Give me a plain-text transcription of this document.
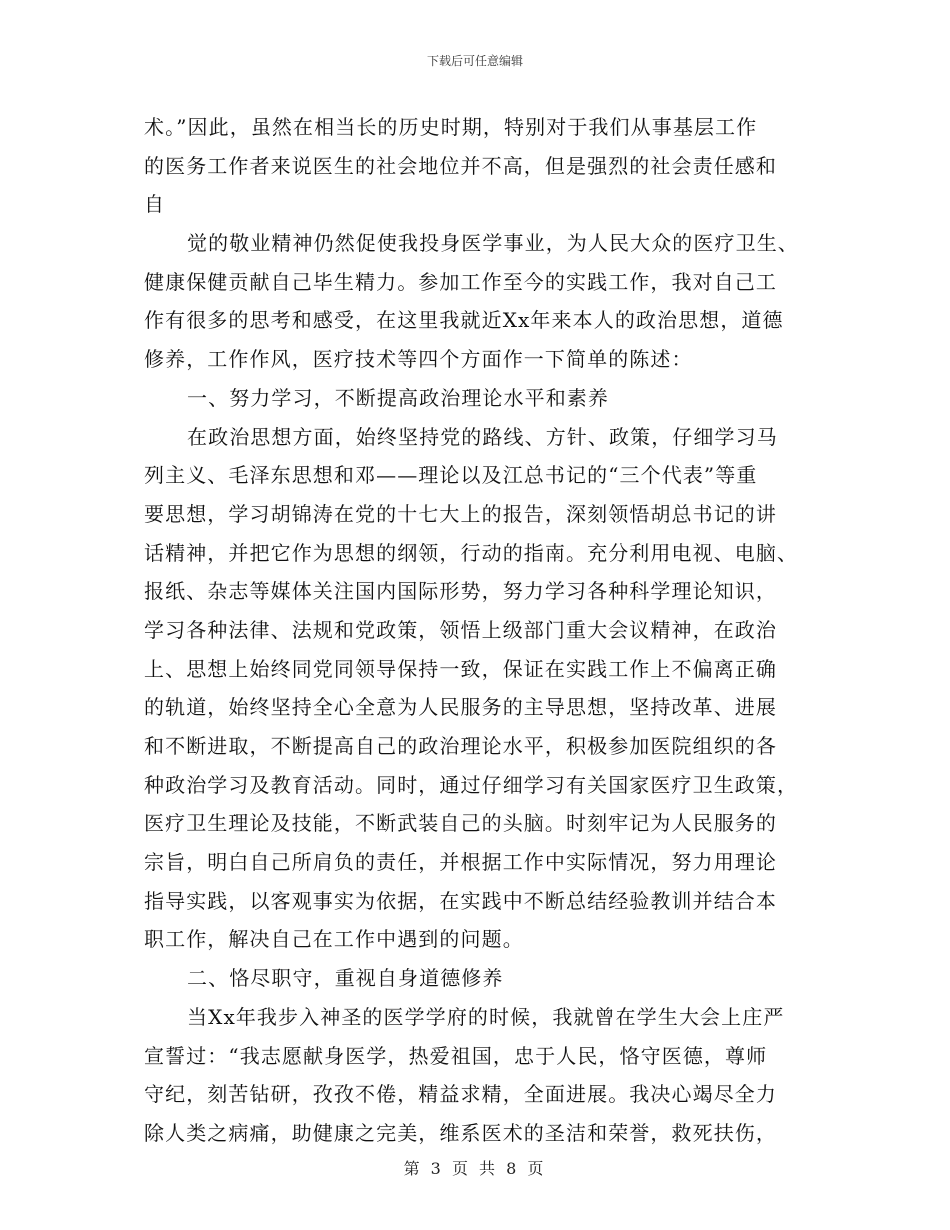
下载后可任意编辑
术。”因此，虽然在相当长的历史时期，特别对于我们从事基层工作
的医务工作者来说医生的社会地位并不高，但是强烈的社会责任感和
自
觉的敬业精神仍然促使我投身医学事业，为人民大众的医疗卫生、
健康保健贡献自己毕生精力。参加工作至今的实践工作，我对自己工
作有很多的思考和感受，在这里我就近Xx年来本人的政治思想，道德
修养，工作作风，医疗技术等四个方面作一下简单的陈述：
一、努力学习，不断提高政治理论水平和素养
在政治思想方面，始终坚持党的路线、方针、政策，仔细学习马
列主义、毛泽东思想和邓——理论以及江总书记的“三个代表”等重
要思想，学习胡锦涛在党的十七大上的报告，深刻领悟胡总书记的讲
话精神，并把它作为思想的纲领，行动的指南。充分利用电视、电脑、
报纸、杂志等媒体关注国内国际形势，努力学习各种科学理论知识，
学习各种法律、法规和党政策，领悟上级部门重大会议精神，在政治
上、思想上始终同党同领导保持一致，保证在实践工作上不偏离正确
的轨道，始终坚持全心全意为人民服务的主导思想，坚持改革、进展
和不断进取，不断提高自己的政治理论水平，积极参加医院组织的各
种政治学习及教育活动。同时，通过仔细学习有关国家医疗卫生政策，
医疗卫生理论及技能，不断武装自己的头脑。时刻牢记为人民服务的
宗旨，明白自己所肩负的责任，并根据工作中实际情况，努力用理论
指导实践，以客观事实为依据，在实践中不断总结经验教训并结合本
职工作，解决自己在工作中遇到的问题。
二、恪尽职守，重视自身道德修养
当Xx年我步入神圣的医学学府的时候，我就曾在学生大会上庄严
宣誓过：“我志愿献身医学，热爱祖国，忠于人民，恪守医德，尊师
守纪，刻苦钻研，孜孜不倦，精益求精，全面进展。我决心竭尽全力
除人类之病痛，助健康之完美，维系医术的圣洁和荣誉，救死扶伤，
第 3 页 共 8 页
